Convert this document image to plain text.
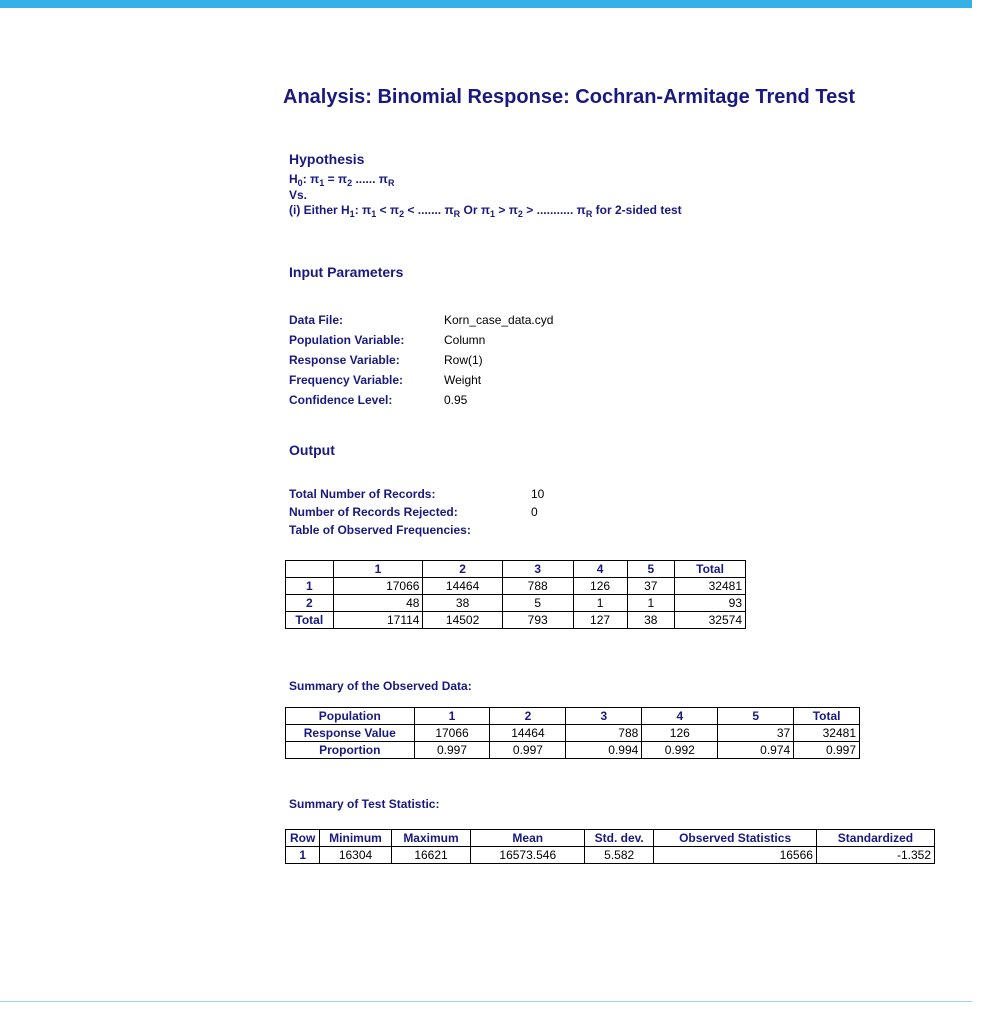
Analysis: Binomial Response: Cochran-Armitage Trend Test
Hypothesis
$H_0$: $\pi_1 = \pi_2$ ...... $\pi_R$
Vs.
(i) Either $H_1$: $\pi_1 < \pi_2$ < ....... $\pi_R$ Or $\pi_1 > \pi_2$ > ........... $\pi_R$ for 2-sided test
Input Parameters
Data File:	Korn_case_data.cyd
Population Variable:	Column
Response Variable:	Row(1)
Frequency Variable:	Weight
Confidence Level:	0.95
Output
Total Number of Records:	10
Number of Records Rejected:	0
Table of Observed Frequencies:
	1	2	3	4	5	Total
1	17066	14464	788	126	37	32481
2	48	38	5	1	1	93
Total	17114	14502	793	127	38	32574
Summary of the Observed Data:
Population	1	2	3	4	5	Total
Response Value	17066	14464	788	126	37	32481
Proportion	0.997	0.997	0.994	0.992	0.974	0.997
Summary of Test Statistic:
Row	Minimum	Maximum	Mean	Std. dev.	Observed Statistics	Standardized
1	16304	16621	16573.546	5.582	16566	-1.352
